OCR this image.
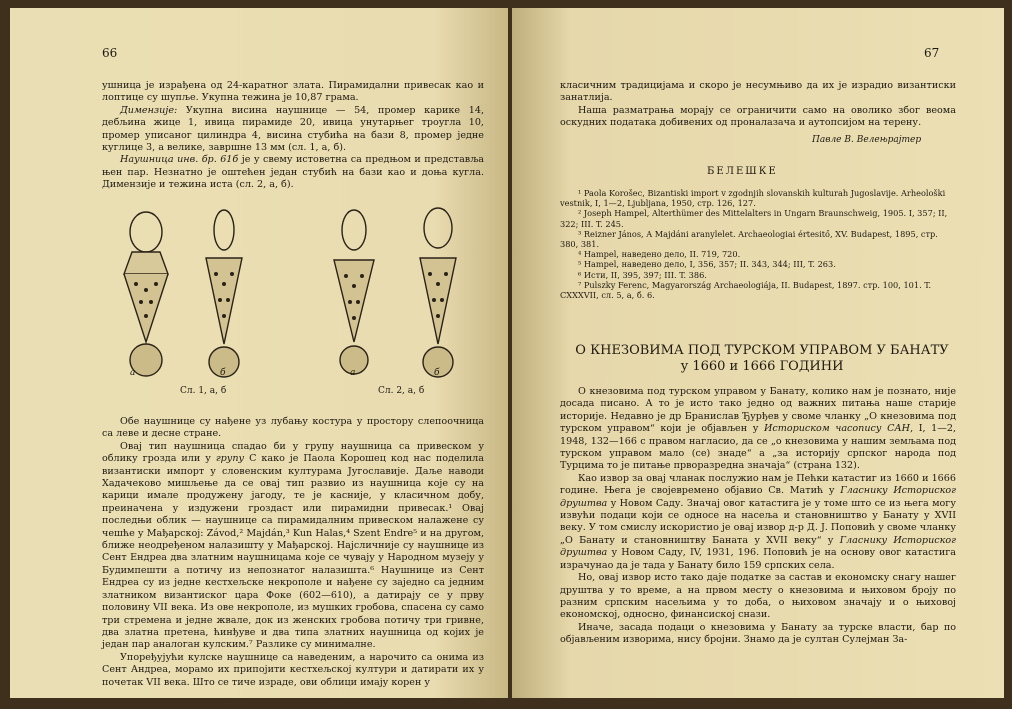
66

ушница је израђена од 24-каратног злата. Пирамидални привесак као и лоптице су шупље. Укупна тежина је 10,87 грама.

Димензије: Укупна висина наушнице — 54, промер карике 14, дебљина жице 1, ивица пирамиде 20, ивица унутарњег троугла 10, промер уписаног цилиндра 4, висина стубића на бази 8, промер једне куглице 3, а велике, завршне 13 мм (сл. 1, а, б).

Наушница инв. бр. 61б је у свему истоветна са предњом и представља њен пар. Незнатно је оштећен један стубић на бази као и доња кугла. Димензије и тежина иста (сл. 2, а, б).

а	б	а	б
Сл. 1, а, б	Сл. 2, а, б

Обе наушнице су нађене уз лубању костура у простору слепоочница са леве и десне стране.

Овај тип наушница спадао би у групу наушница са привеском у облику грозда или у групу С како је Паола Корошец код нас поделила византиски импорт у словенским културама Југославије. Даље наводи Хадачеково мишљење да се овај тип развио из наушница које су на карици имале продужену јагоду, те је касније, у класичном добу, преиначена у издужени гроздаст или пирамидни привесак.¹ Овај последњи облик — наушнице са пирамидалним привеском налажене су чешће у Мађарској: Závod,² Majdán,³ Kun Halas,⁴ Szent Endre⁵ и на другом, ближе неодређеном налазишту у Мађарској. Најсличније су наушнице из Сент Ендреа два златним наушницама које се чувају у Народном музеју у Будимпешти а потичу из непознатог налазишта.⁶ Наушнице из Сент Ендреа су из једне кестхељске некрополе и нађене су заједно са једним златником византиског цара Фоке (602—610), а датирају се у прву половину VII века. Из ове некрополе, из мушких гробова, спасена су само три стремена и једне жвале, док из женских гробова потичу три гривне, два златна претена, ћинђуве и два типа златних наушница од којих је један пар аналоган кулским.⁷ Разлике су минималне.

Упоређујући кулске наушнице са наведеним, а нарочито са онима из Сент Андреа, морамо их припојити кестхељској култури и датирати их у почетак VII века. Што се тиче израде, ови облици имају корен у

67

класичним традицијама и скоро је несумњиво да их је израдио византиски занатлија.

Наша разматрања морају се ограничити само на оволико због веома оскудних података добивених од проналазача и аутопсијом на терену.

Павле В. Велењрајтер
БЕЛЕШКЕ
¹ Paola Korošec, Bizantiski import v zgodnjih slovanskih kulturah Jugoslavije. Arheološki vestnik, I, 1—2, Ljubljana, 1950, стр. 126, 127.
² Joseph Hampel, Alterthümer des Mittelalters in Ungarn Braunschweig, 1905. I, 357; II, 322; III. T. 245.
³ Reizner János, A Majdáni aranylelet. Archaeologiai értesitő, XV. Budapest, 1895, стр. 380, 381.
⁴ Hampel, наведено дело, II. 719, 720.
⁵ Hampel, наведено дело, I, 356, 357; II. 343, 344; III, T. 263.
⁶ Исти, II, 395, 397; III. T. 386.
⁷ Pulszky Ferenc, Magyarország Archaeologiája, II. Budapest, 1897. стр. 100, 101. T. CXXXVII, сл. 5, а, б. 6.
О КНЕЗОВИМА ПОД ТУРСКОМ УПРАВОМ У БАНАТУ
у 1660 и 1666 ГОДИНИ

О кнезовима под турском управом у Банату, колико нам је познато, није досада писано. А то је исто тако једно од важних питања наше старије историје. Недавно је др Бранислав Ђурђев у своме чланку „О кнезовима под турском управом“ који је објављен у Историском часопису САН, I, 1—2, 1948, 132—166 с правом нагласио, да се „о кнезовима у нашим земљама под турском управом мало (се) знаде“ а „за историју српског народа под Турцима то је питање прворазредна значаја“ (страна 132).

Као извор за овај чланак послужио нам је Пећки катастиг из 1660 и 1666 године. Њега је својевремено објавио Св. Матић у Гласнику Историског друштва у Новом Саду. Значај овог катастига је у томе што се из њега могу извући подаци који се односе на насеља и становништво у Банату у XVII веку. У том смислу искористио је овај извор д-р Д. Ј. Поповић у своме чланку „О Банату и становништву Баната у XVII веку“ у Гласнику Историског друштва у Новом Саду, IV, 1931, 196. Поповић је на основу овог катастига израчунао да је тада у Банату било 159 српских села.

Но, овај извор исто тако даје податке за састав и економску снагу нашег друштва у то време, а на првом месту о кнезовима и њиховом броју по разним српским насељима у то доба, о њиховом значају и о њиховој економској, односно, финансиској снази.

Иначе, засада подаци о кнезовима у Банату за турске власти, бар по објављеним изворима, нису бројни. Знамо да је султан Сулејман За-
